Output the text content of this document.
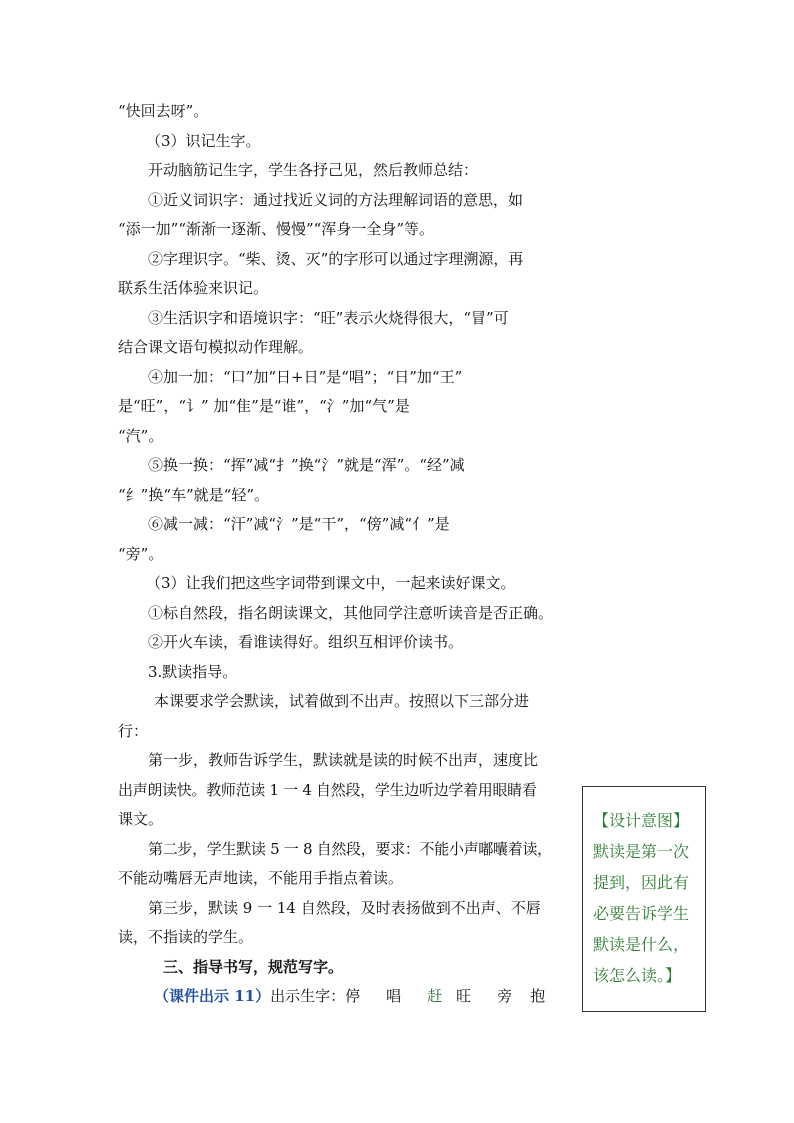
“快回去呀”。

（3）识记生字。

开动脑筋记生字，学生各抒己见，然后教师总结：

①近义词识字：通过找近义词的方法理解词语的意思，如

“添一加”“渐渐一逐渐、慢慢”“浑身一全身”等。

②字理识字。“柴、烫、灭”的字形可以通过字理溯源，再

联系生活体验来识记。

③生活识字和语境识字：“旺”表示火烧得很大，“冒”可

结合课文语句模拟动作理解。

④加一加：“口”加“日+日”是“唱”；“日”加“王”

是“旺”，“讠” 加“隹”是“谁”，“氵”加“气”是

“汽”。

⑤换一换：“挥”减“扌”换“氵”就是“浑”。“经”减

“纟”换“车”就是“轻”。

⑥减一减：“汗”减“氵”是“干”，“傍”减“亻”是

“旁”。

（3）让我们把这些字词带到课文中，一起来读好课文。

①标自然段，指名朗读课文，其他同学注意听读音是否正确。

②开火车读，看谁读得好。组织互相评价读书。

3.默读指导。

本课要求学会默读，试着做到不出声。按照以下三部分进

行：

第一步，教师告诉学生，默读就是读的时候不出声，速度比

出声朗读快。教师范读 1 一 4 自然段，学生边听边学着用眼睛看

课文。

第二步，学生默读 5 一 8 自然段，要求：不能小声嘟囔着读，

不能动嘴唇无声地读，不能用手指点着读。

第三步，默读 9 一 14 自然段，及时表扬做到不出声、不唇

读，不指读的学生。

三、指导书写，规范写字。

（课件出示 11）出示生字：停 唱 赶 旺 旁 抱

【设计意图】默读是第一次提到，因此有必要告诉学生默读是什么，该怎么读。】
